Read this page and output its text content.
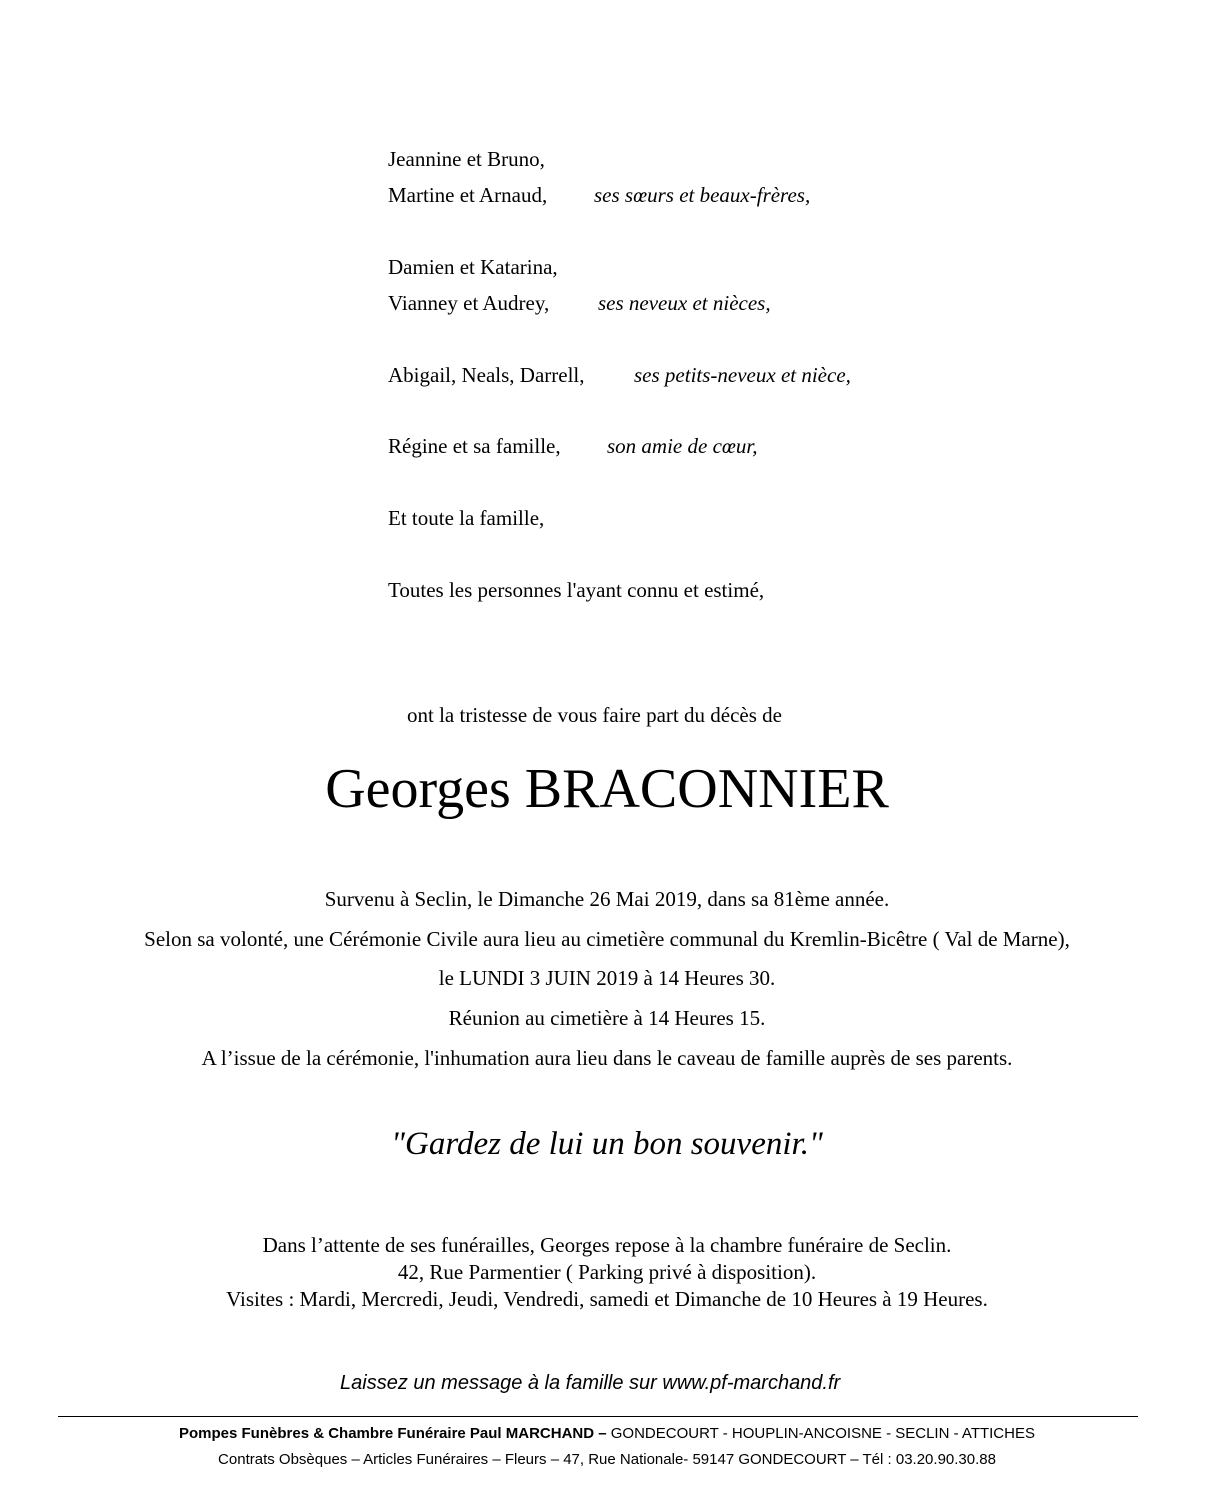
Jeannine et Bruno,
Martine et Arnaud, ses sœurs et beaux-frères,
Damien et Katarina,
Vianney et Audrey, ses neveux et nièces,
Abigail, Neals, Darrell, ses petits-neveux et nièce,
Régine et sa famille, son amie de cœur,
Et toute la famille,
Toutes les personnes l'ayant connu et estimé,
ont la tristesse de vous faire part du décès de
Georges BRACONNIER
Survenu à Seclin, le Dimanche 26 Mai 2019, dans sa 81ème année.
Selon sa volonté, une Cérémonie Civile aura lieu au cimetière communal du Kremlin-Bicêtre ( Val de Marne),
le LUNDI 3 JUIN 2019 à 14 Heures 30.
Réunion au cimetière à 14 Heures 15.
A l’issue de la cérémonie, l'inhumation aura lieu dans le caveau de famille auprès de ses parents.
"Gardez de lui un bon souvenir."
Dans l’attente de ses funérailles, Georges repose à la chambre funéraire de Seclin.
42, Rue Parmentier ( Parking privé à disposition).
Visites : Mardi, Mercredi, Jeudi, Vendredi, samedi et Dimanche de 10 Heures à 19 Heures.
Laissez un message à la famille sur www.pf-marchand.fr
Pompes Funèbres & Chambre Funéraire Paul MARCHAND – GONDECOURT - HOUPLIN-ANCOISNE - SECLIN - ATTICHES
Contrats Obsèques – Articles Funéraires – Fleurs – 47, Rue Nationale- 59147 GONDECOURT – Tél : 03.20.90.30.88
